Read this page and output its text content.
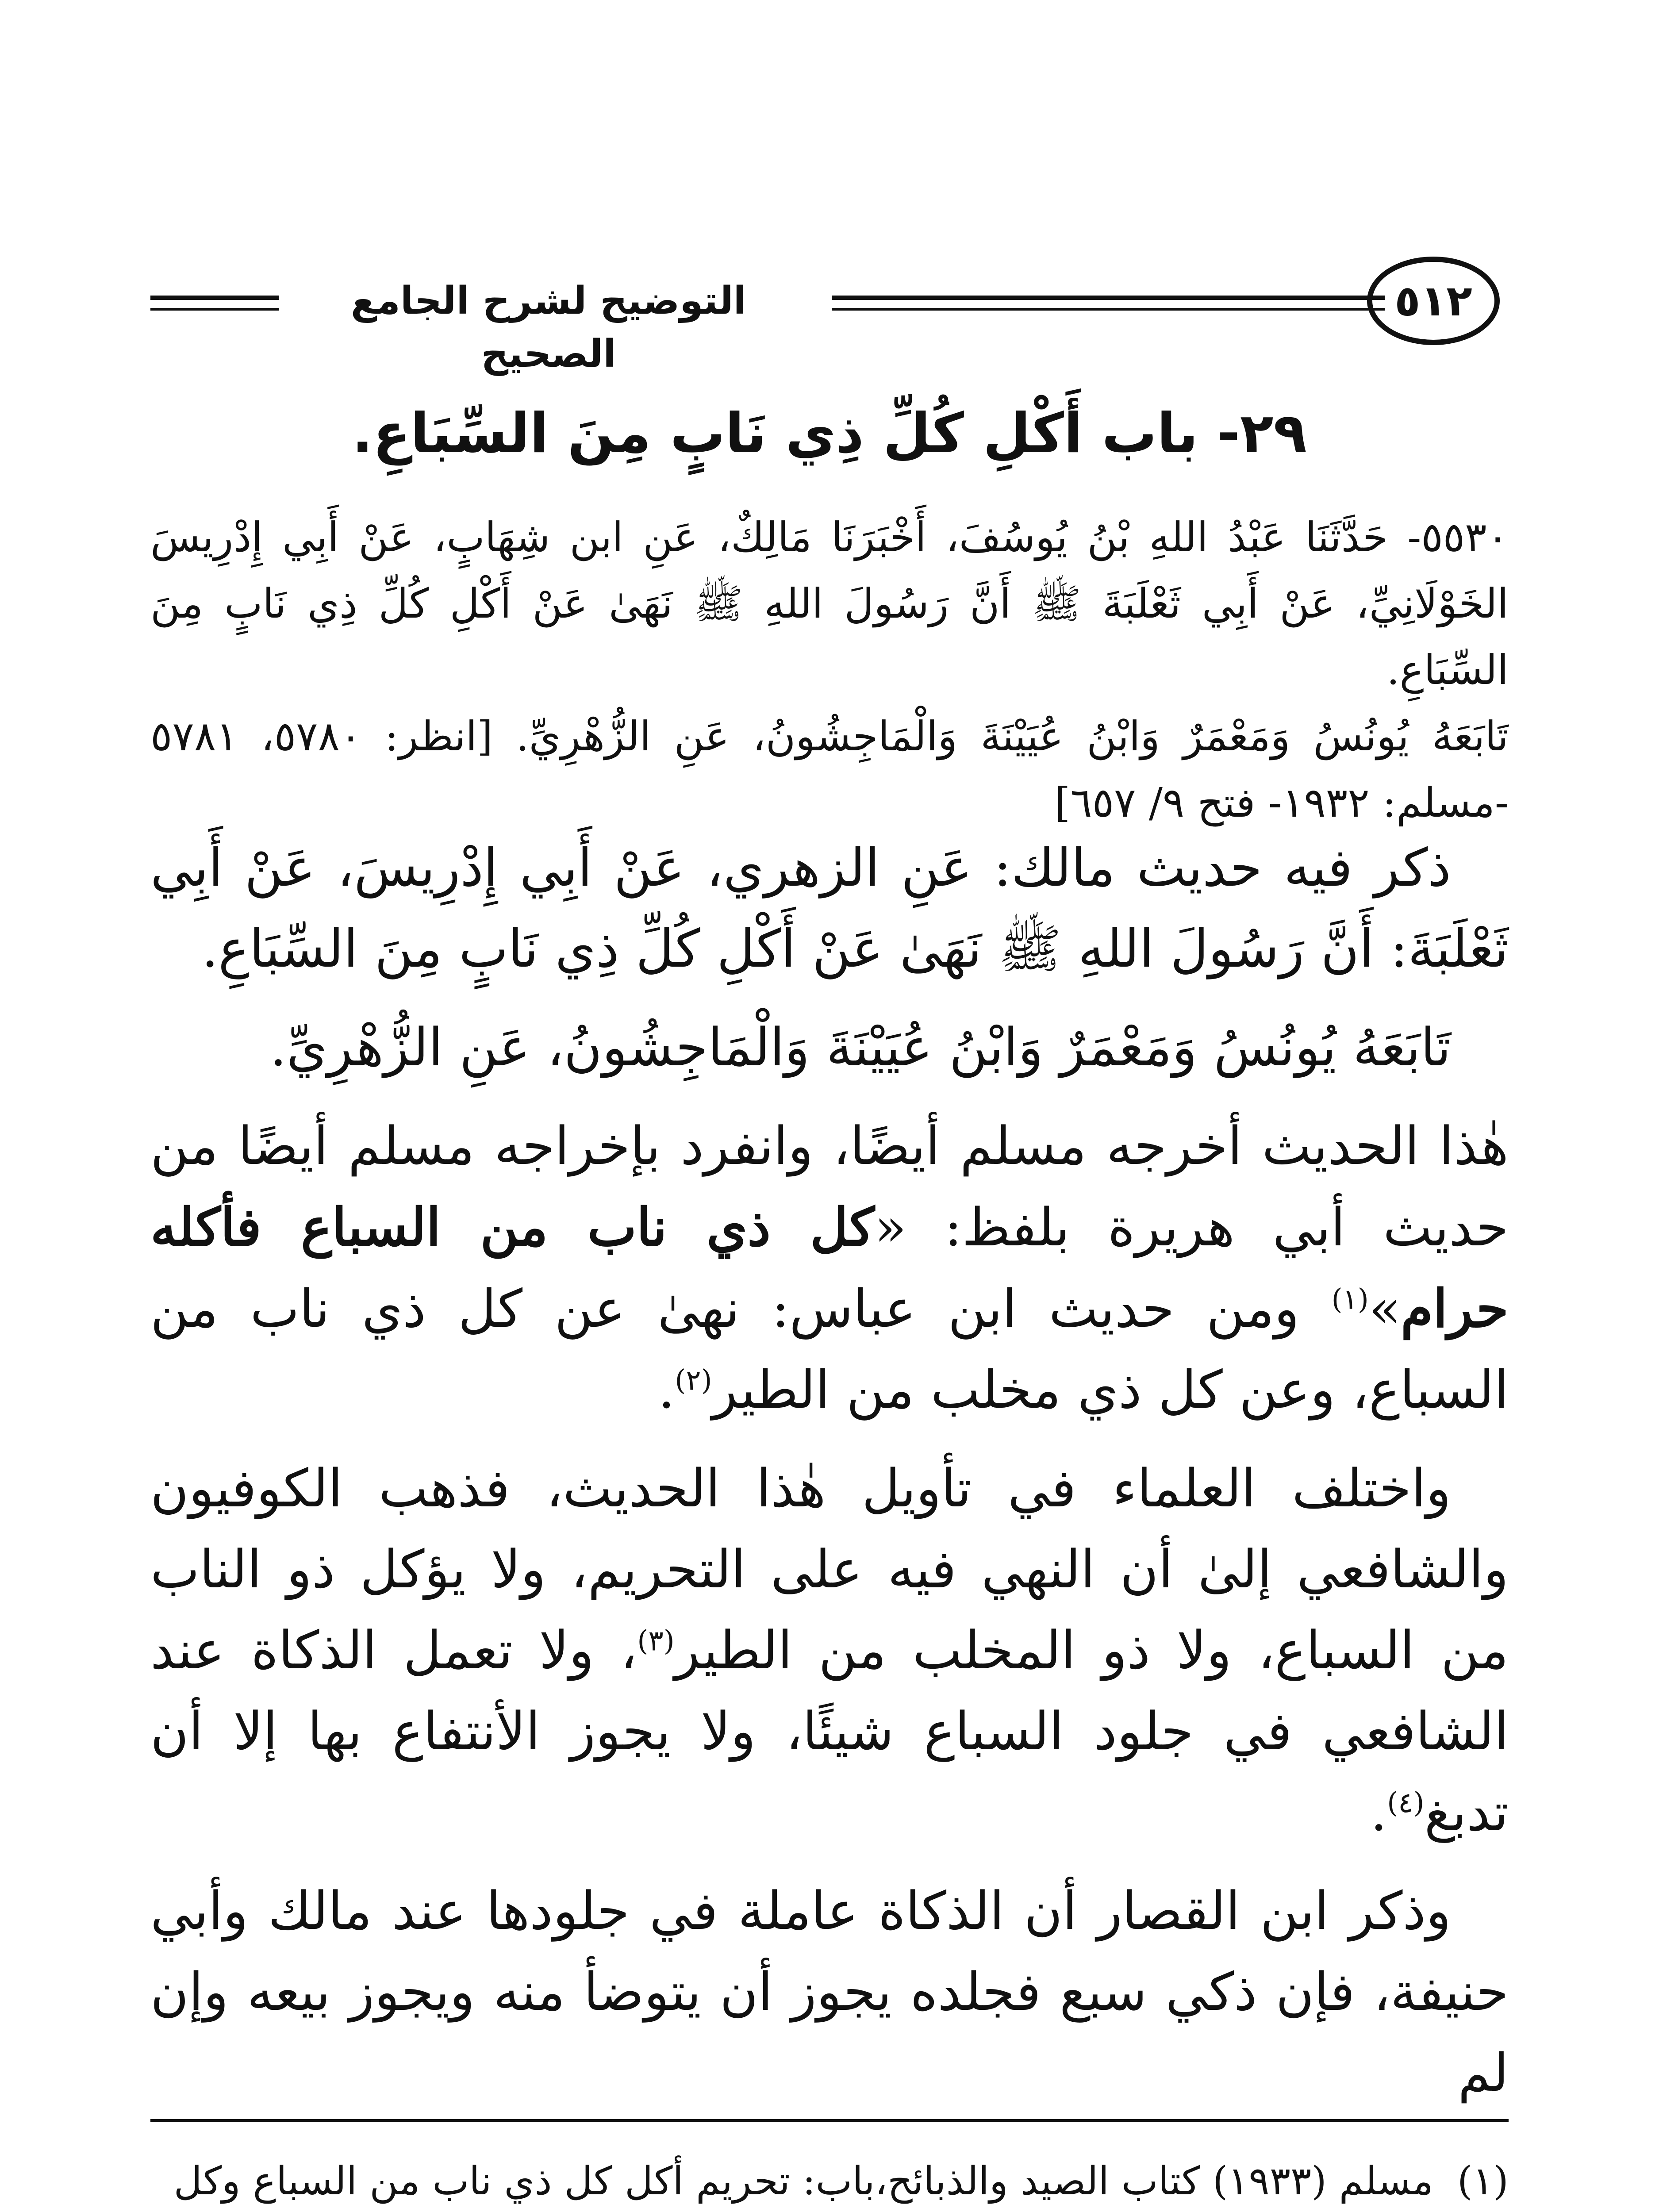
٥١٢
التوضيح لشرح الجامع الصحيح
٢٩- باب أَكْلِ كُلِّ ذِي نَابٍ مِنَ السِّبَاعِ.

٥٥٣٠- حَدَّثَنَا عَبْدُ اللهِ بْنُ يُوسُفَ، أَخْبَرَنَا مَالِكٌ، عَنِ ابن شِهَابٍ، عَنْ أَبِي إِدْرِيسَ الخَوْلَانِيِّ، عَنْ أَبِي ثَعْلَبَةَ ﷺ أَنَّ رَسُولَ اللهِ ﷺ نَهَىٰ عَنْ أَكْلِ كُلِّ ذِي نَابٍ مِنَ السِّبَاعِ.

تَابَعَهُ يُونُسُ وَمَعْمَرٌ وَابْنُ عُيَيْنَةَ وَالْمَاجِشُونُ، عَنِ الزُّهْرِيِّ. [انظر: ٥٧٨٠، ٥٧٨١ -مسلم: ١٩٣٢- فتح ٩/ ٦٥٧]

ذكر فيه حديث مالك: عَنِ الزهري، عَنْ أَبِي إِدْرِيسَ، عَنْ أَبِي ثَعْلَبَةَ: أَنَّ رَسُولَ اللهِ ﷺ نَهَىٰ عَنْ أَكْلِ كُلِّ ذِي نَابٍ مِنَ السِّبَاعِ.

تَابَعَهُ يُونُسُ وَمَعْمَرٌ وَابْنُ عُيَيْنَةَ وَالْمَاجِشُونُ، عَنِ الزُّهْرِيِّ.

هٰذا الحديث أخرجه مسلم أيضًا، وانفرد بإخراجه مسلم أيضًا من حديث أبي هريرة بلفظ: «كل ذي ناب من السباع فأكله حرام»$^{(١)}$ ومن حديث ابن عباس: نهىٰ عن كل ذي ناب من السباع، وعن كل ذي مخلب من الطير$^{(٢)}$.

واختلف العلماء في تأويل هٰذا الحديث، فذهب الكوفيون والشافعي إلىٰ أن النهي فيه على التحريم، ولا يؤكل ذو الناب من السباع، ولا ذو المخلب من الطير$^{(٣)}$، ولا تعمل الذكاة عند الشافعي في جلود السباع شيئًا، ولا يجوز الأنتفاع بها إلا أن تدبغ$^{(٤)}$.

وذكر ابن القصار أن الذكاة عاملة في جلودها عند مالك وأبي حنيفة، فإن ذكي سبع فجلده يجوز أن يتوضأ منه ويجوز بيعه وإن لم

(١)
مسلم (١٩٣٣) كتاب الصيد والذبائح،باب: تحريم أكل كل ذي ناب من السباع وكل
